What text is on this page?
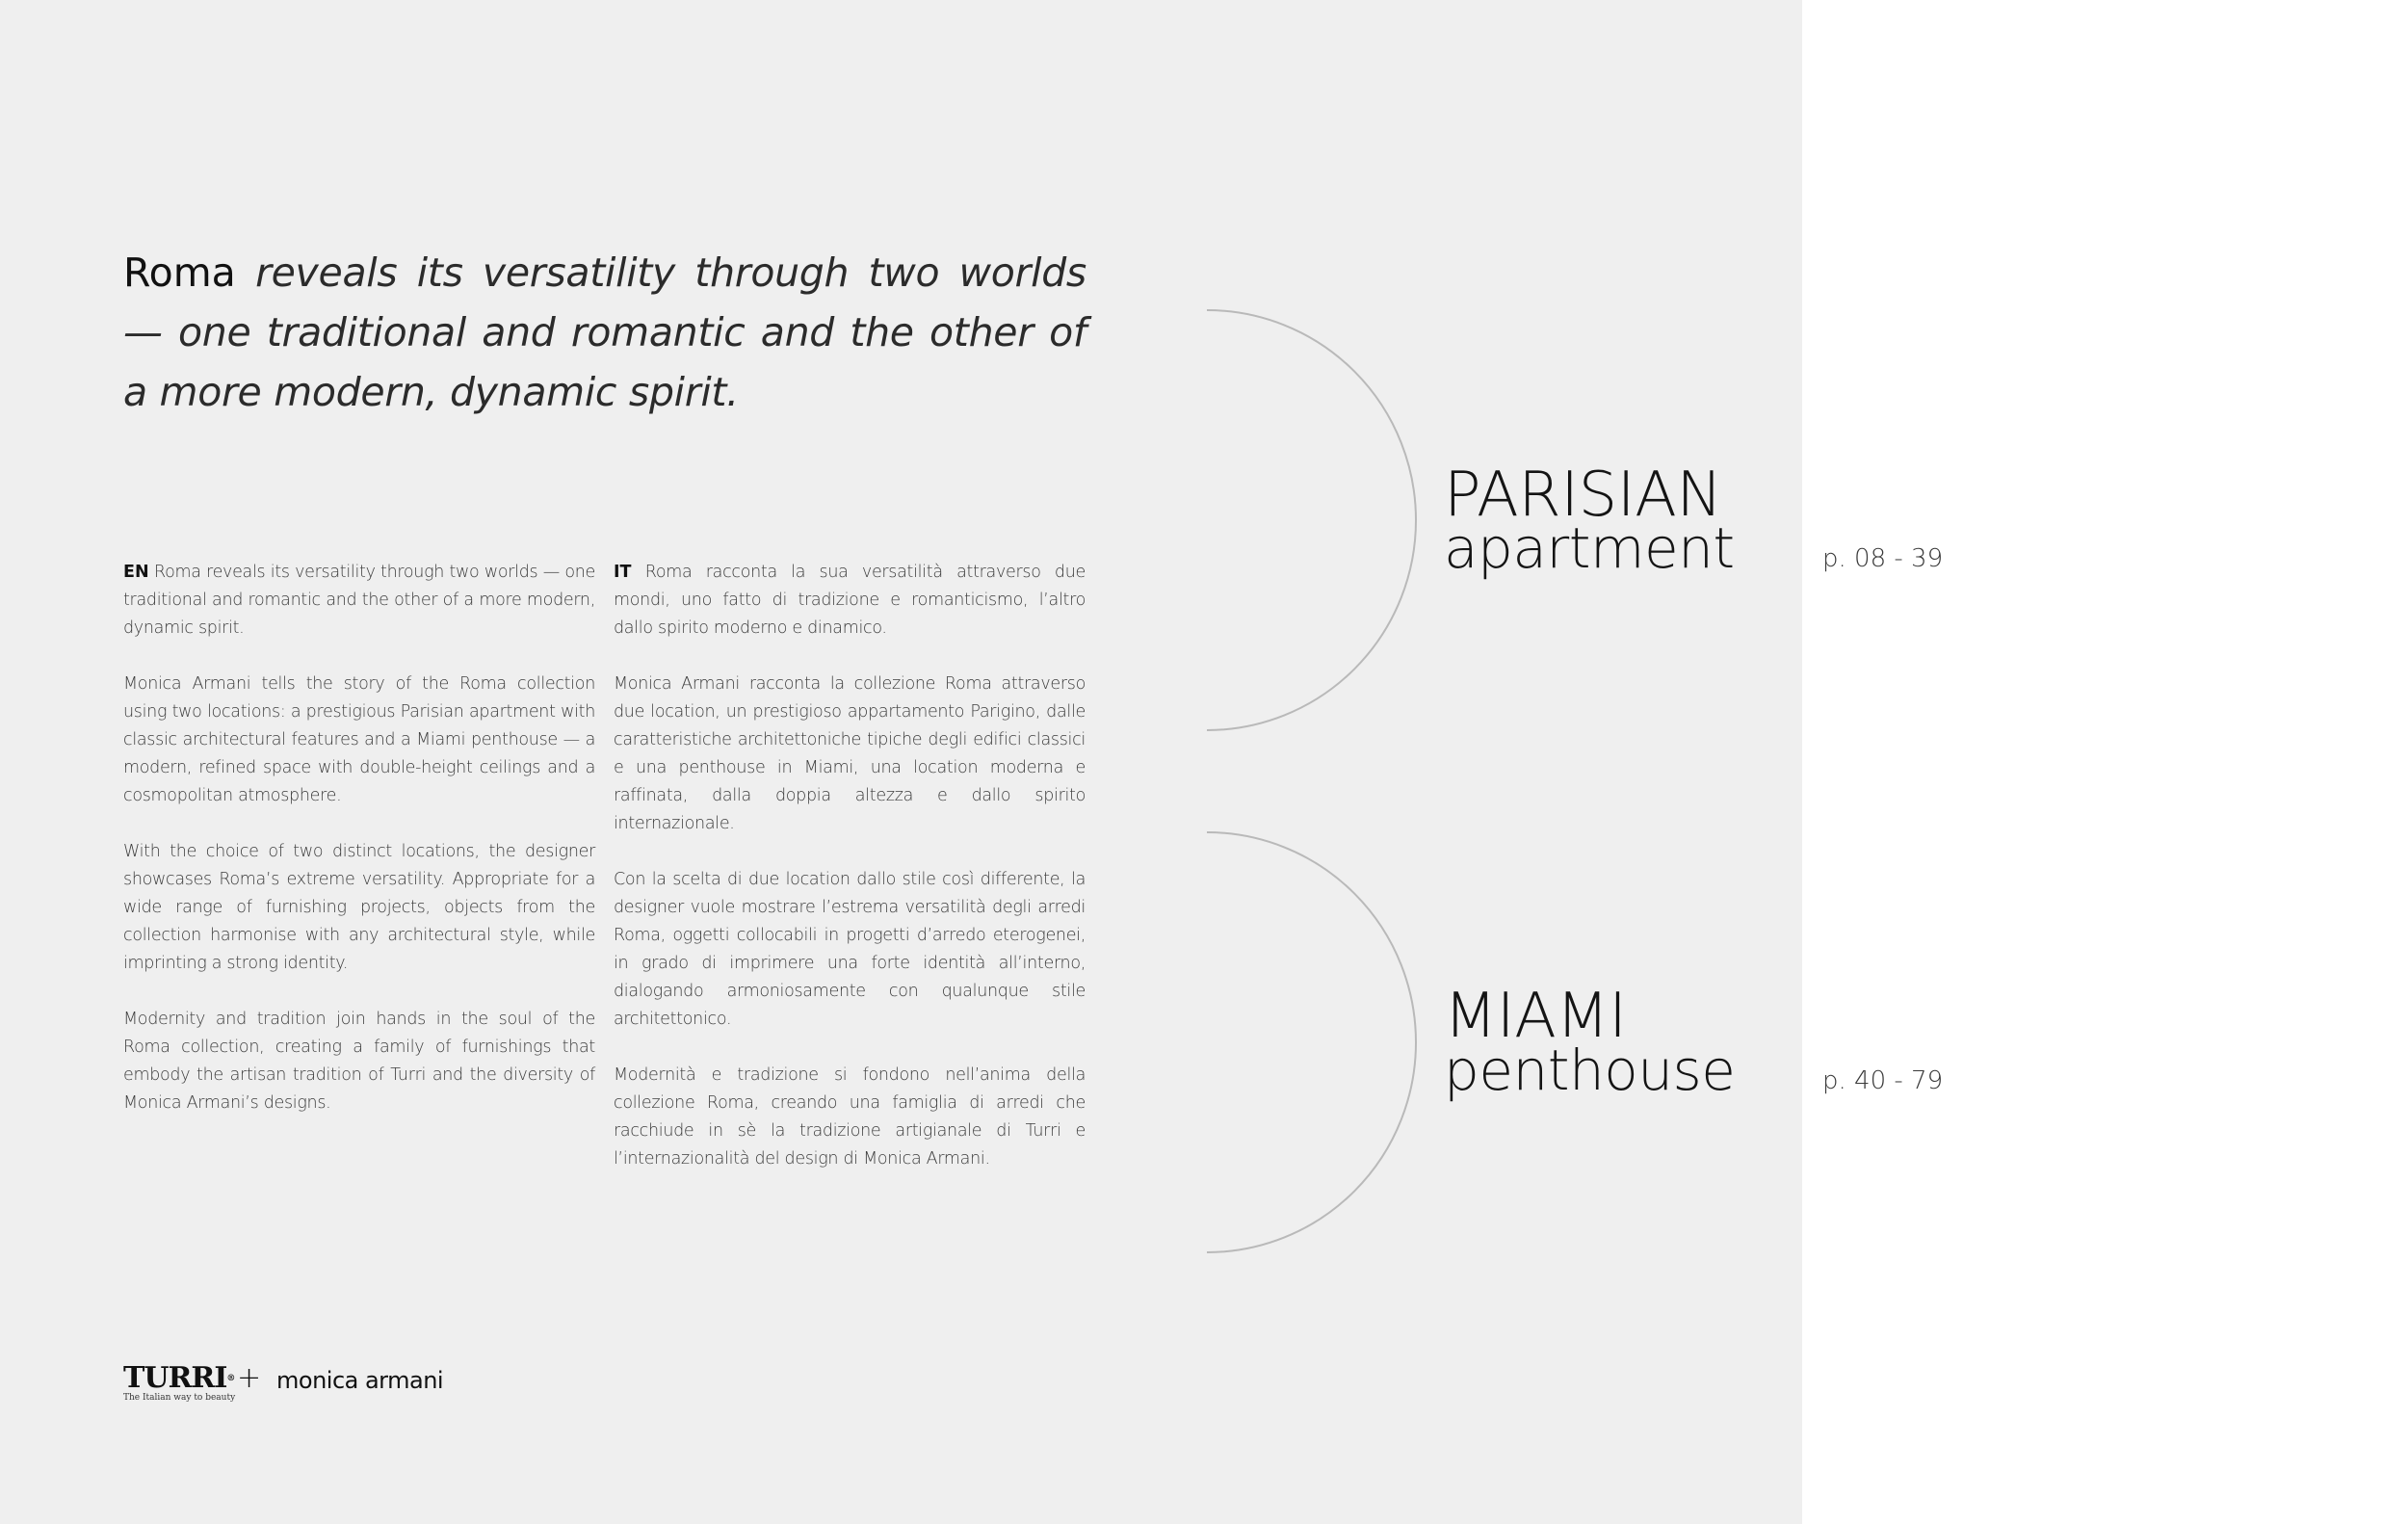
Roma reveals its versatility through two worlds — one traditional and romantic and the other of a more modern, dynamic spirit.

EN Roma reveals its versatility through two worlds — one traditional and romantic and the other of a more modern, dynamic spirit.

Monica Armani tells the story of the Roma collection using two locations: a prestigious Parisian apartment with classic architectural features and a Miami penthouse — a modern, refined space with double-height ceilings and a cosmopolitan atmosphere.

With the choice of two distinct locations, the designer showcases Roma’s extreme versatility. Appropriate for a wide range of furnishing projects, objects from the collection harmonise with any architectural style, while imprinting a strong identity.

Modernity and tradition join hands in the soul of the Roma collection, creating a family of furnishings that embody the artisan tradition of Turri and the diversity of Monica Armani’s designs.

IT Roma racconta la sua versatilità attraverso due mondi, uno fatto di tradizione e romanticismo, l’altro dallo spirito moderno e dinamico.

Monica Armani racconta la collezione Roma attraverso due location, un prestigioso appartamento Parigino, dalle caratteristiche architettoniche tipiche degli edifici classici e una penthouse in Miami, una location moderna e raffinata, dalla doppia altezza e dallo spirito internazionale.

Con la scelta di due location dallo stile così differente, la designer vuole mostrare l’estrema versatilità degli arredi Roma, oggetti collocabili in progetti d’arredo eterogenei, in grado di imprimere una forte identità all’interno, dialogando armoniosamente con qualunque stile architettonico.

Modernità e tradizione si fondono nell’anima della collezione Roma, creando una famiglia di arredi che racchiude in sè la tradizione artigianale di Turri e l’internazionalità del design di Monica Armani.

PARISIAN

apartment	p. 08 - 39

MIAMI

penthouse	p. 40 - 79
TURRI®
The Italian way to beauty
+ monica armani
